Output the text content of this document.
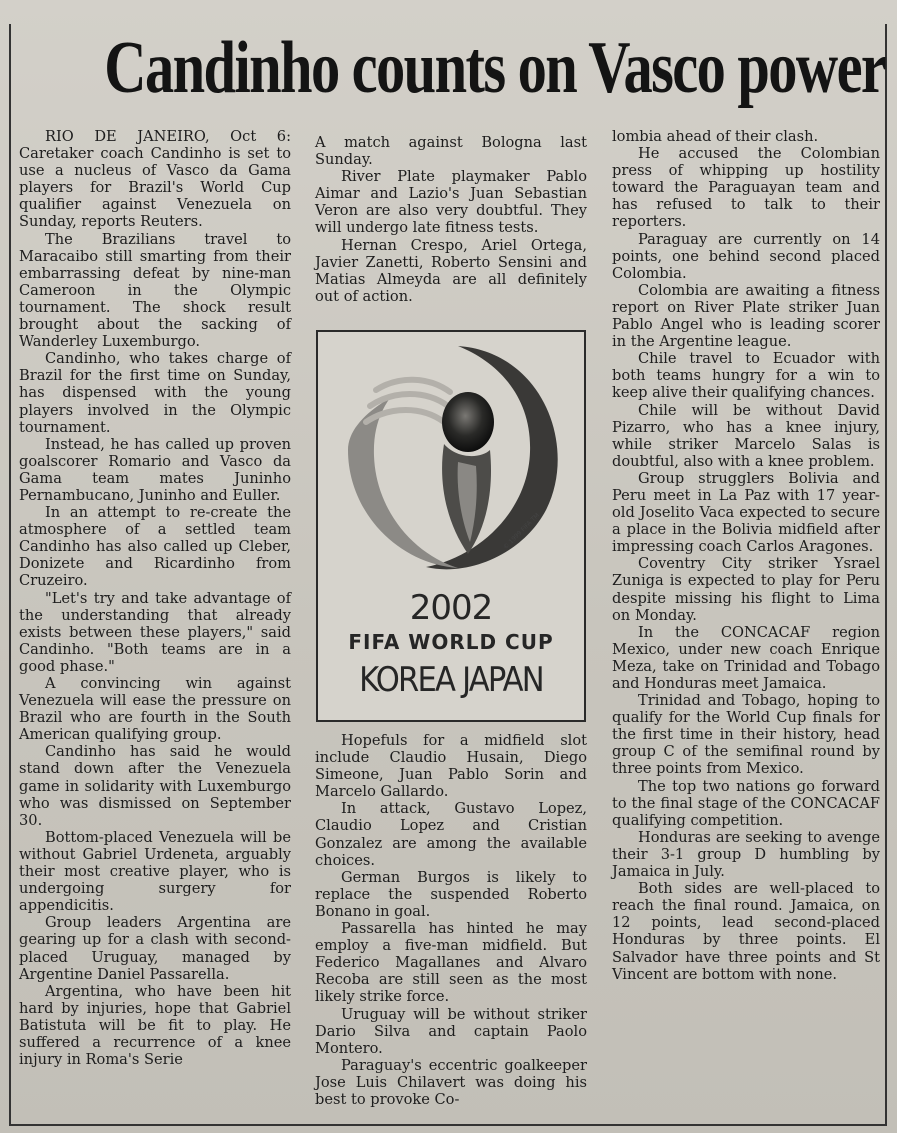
Candinho counts on Vasco power

RIO DE JANEIRO, Oct 6: Caretaker coach Candinho is set to use a nucleus of Vasco da Gama players for Brazil's World Cup qualifier against Venezuela on Sunday, reports Reuters.

The Brazilians travel to Maracaibo still smarting from their embarrassing defeat by nine-man Cameroon in the Olympic tournament. The shock result brought about the sacking of Wanderley Luxemburgo.

Candinho, who takes charge of Brazil for the first time on Sunday, has dispensed with the young players involved in the Olympic tournament.

Instead, he has called up proven goalscorer Romario and Vasco da Gama team mates Juninho Pernambucano, Juninho and Euller.

In an attempt to re-create the atmosphere of a settled team Candinho has also called up Cleber, Donizete and Ricardinho from Cruzeiro.

"Let's try and take advantage of the understanding that already exists between these players," said Candinho. "Both teams are in a good phase."

A convincing win against Venezuela will ease the pressure on Brazil who are fourth in the South American qualifying group.

Candinho has said he would stand down after the Venezuela game in solidarity with Luxemburgo who was dismissed on September 30.

Bottom-placed Venezuela will be without Gabriel Urdeneta, arguably their most creative player, who is undergoing surgery for appendicitis.

Group leaders Argentina are gearing up for a clash with second-placed Uruguay, managed by Argentine Daniel Passarella.

Argentina, who have been hit hard by injuries, hope that Gabriel Batistuta will be fit to play. He suffered a recurrence of a knee injury in Roma's Serie

A match against Bologna last Sunday.

River Plate playmaker Pablo Aimar and Lazio's Juan Sebastian Veron are also very doubtful. They will undergo late fitness tests.

Hernan Crespo, Ariel Ortega, Javier Zanetti, Roberto Sensini and Matias Almeyda are all definitely out of action.

© 1999 FIFA TM
2002
FIFA WORLD CUP
KOREA JAPAN

Hopefuls for a midfield slot include Claudio Husain, Diego Simeone, Juan Pablo Sorin and Marcelo Gallardo.

In attack, Gustavo Lopez, Claudio Lopez and Cristian Gonzalez are among the available choices.

German Burgos is likely to replace the suspended Roberto Bonano in goal.

Passarella has hinted he may employ a five-man midfield. But Federico Magallanes and Alvaro Recoba are still seen as the most likely strike force.

Uruguay will be without striker Dario Silva and captain Paolo Montero.

Paraguay's eccentric goalkeeper Jose Luis Chilavert was doing his best to provoke Co-

lombia ahead of their clash.

He accused the Colombian press of whipping up hostility toward the Paraguayan team and has refused to talk to their reporters.

Paraguay are currently on 14 points, one behind second placed Colombia.

Colombia are awaiting a fitness report on River Plate striker Juan Pablo Angel who is leading scorer in the Argentine league.

Chile travel to Ecuador with both teams hungry for a win to keep alive their qualifying chances.

Chile will be without David Pizarro, who has a knee injury, while striker Marcelo Salas is doubtful, also with a knee problem.

Group strugglers Bolivia and Peru meet in La Paz with 17 year-old Joselito Vaca expected to secure a place in the Bolivia midfield after impressing coach Carlos Aragones.

Coventry City striker Ysrael Zuniga is expected to play for Peru despite missing his flight to Lima on Monday.

In the CONCACAF region Mexico, under new coach Enrique Meza, take on Trinidad and Tobago and Honduras meet Jamaica.

Trinidad and Tobago, hoping to qualify for the World Cup finals for the first time in their history, head group C of the semifinal round by three points from Mexico.

The top two nations go forward to the final stage of the CONCACAF qualifying competition.

Honduras are seeking to avenge their 3-1 group D humbling by Jamaica in July.

Both sides are well-placed to reach the final round. Jamaica, on 12 points, lead second-placed Honduras by three points. El Salvador have three points and St Vincent are bottom with none.
